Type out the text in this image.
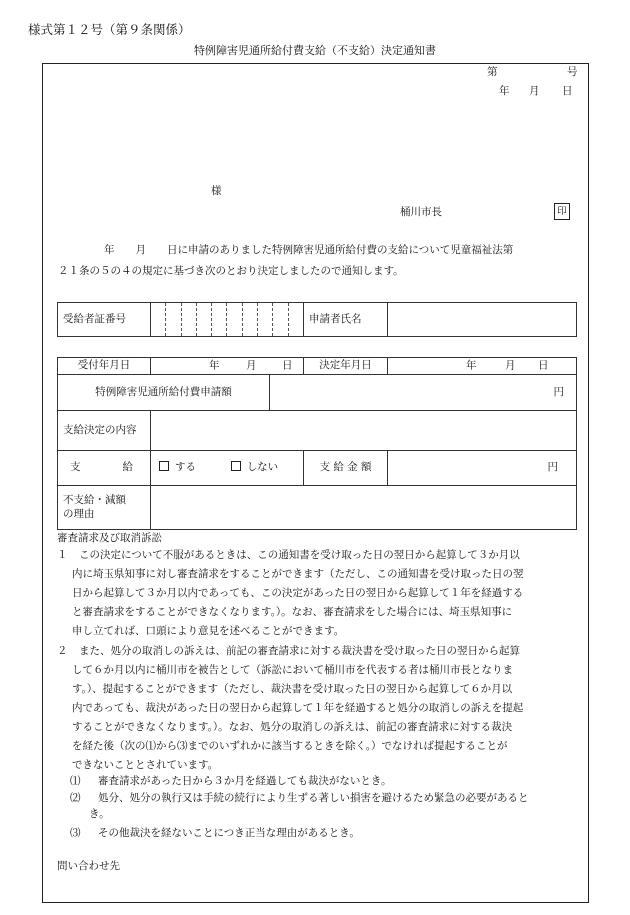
様式第１２号（第９条関係）
特例障害児通所給付費支給（不支給）決定通知書
第	号
年 月 日
様
桶川市長	印
年　　月　　日に申請のありました特例障害児通所給付費の支給について児童福祉法第
２１条の５の４の規定に基づき次のとおり決定しましたので通知します。
受給者証番号		申請者氏名	
受付年月日	年 月 日		決定年月日	年 月 日

特例障害児通所給付費申請額		円		
支給決定の内容				
支　　　　給	する しない		支 給 金 額	円

不支給・減額
の理由				

審査請求及び取消訴訟
１ この決定について不服があるときは、この通知書を受け取った日の翌日から起算して３か月以
内に埼玉県知事に対し審査請求をすることができます（ただし、この通知書を受け取った日の翌
日から起算して３か月以内であっても、この決定があった日の翌日から起算して１年を経過する
と審査請求をすることができなくなります。）。なお、審査請求をした場合には、埼玉県知事に
申し立てれば、口頭により意見を述べることができます。
２ また、処分の取消しの訴えは、前記の審査請求に対する裁決書を受け取った日の翌日から起算
して６か月以内に桶川市を被告として（訴訟において桶川市を代表する者は桶川市長となりま
す。）、提起することができます（ただし、裁決書を受け取った日の翌日から起算して６か月以
内であっても、裁決があった日の翌日から起算して１年を経過すると処分の取消しの訴えを提起
することができなくなります。）。なお、処分の取消しの訴えは、前記の審査請求に対する裁決
を経た後（次の⑴から⑶までのいずれかに該当するときを除く。）でなければ提起することが
できないこととされています。
⑴ 審査請求があった日から３か月を経過しても裁決がないとき。
⑵ 処分、処分の執行又は手続の続行により生ずる著しい損害を避けるため緊急の必要があると
き。
⑶ その他裁決を経ないことにつき正当な理由があるとき。
問い合わせ先
